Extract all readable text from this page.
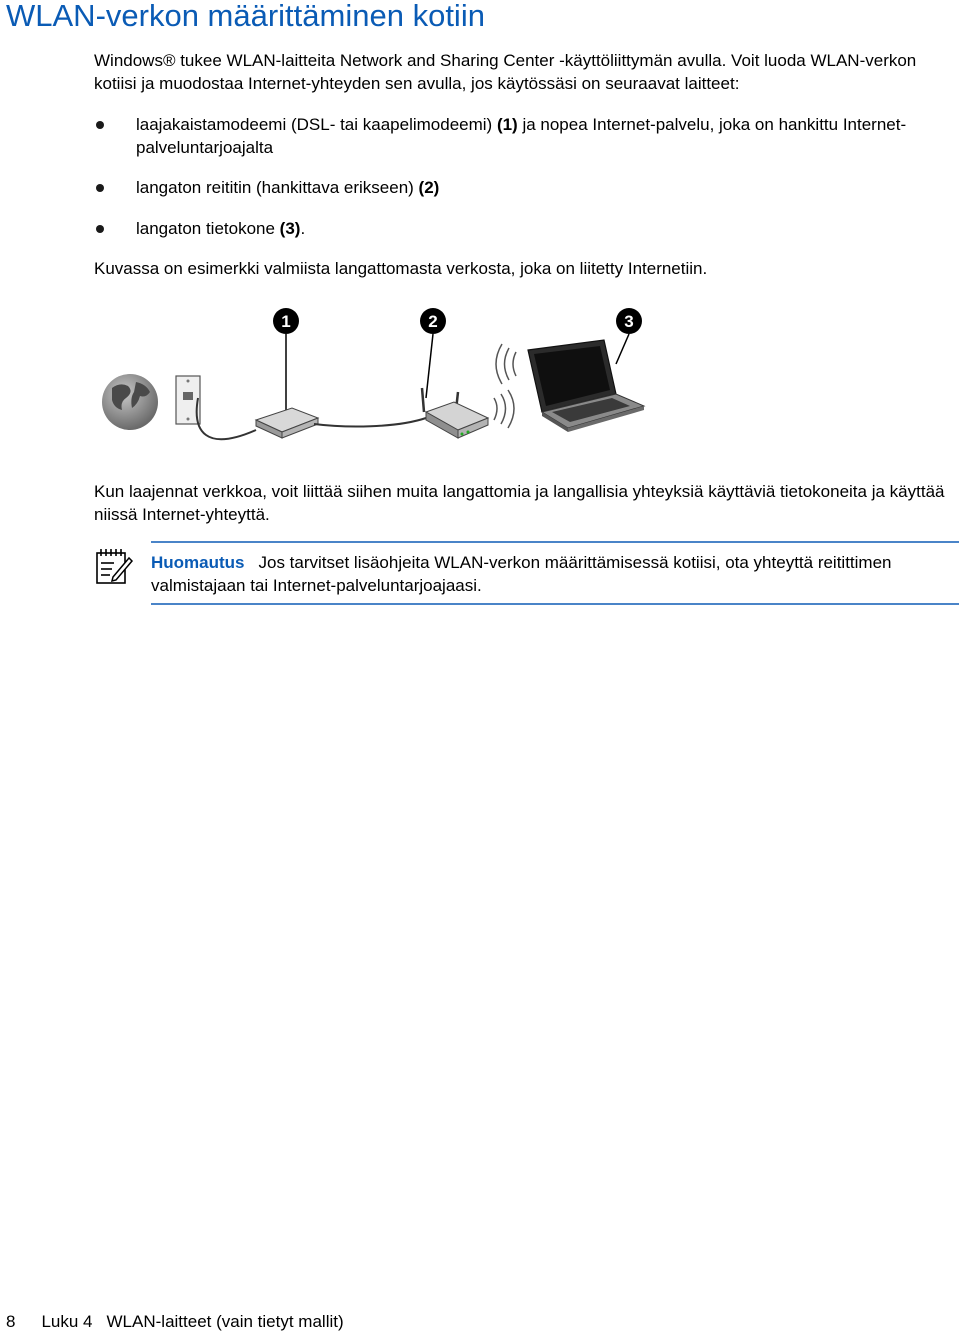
WLAN-verkon määrittäminen kotiin

Windows® tukee WLAN-laitteita Network and Sharing Center -käyttöliittymän avulla. Voit luoda WLAN-verkon kotiisi ja muodostaa Internet-yhteyden sen avulla, jos käytössäsi on seuraavat laitteet:

laajakaistamodeemi (DSL- tai kaapelimodeemi) (1) ja nopea Internet-palvelu, joka on hankittu Internet-palveluntarjoajalta
langaton reititin (hankittava erikseen) (2)
langaton tietokone (3).

Kuvassa on esimerkki valmiista langattomasta verkosta, joka on liitetty Internetiin.

1	2	3

Kun laajennat verkkoa, voit liittää siihen muita langattomia ja langallisia yhteyksiä käyttäviä tietokoneita ja käyttää niissä Internet-yhteyttä.

Huomautus Jos tarvitset lisäohjeita WLAN-verkon määrittämisessä kotiisi, ota yhteyttä reitittimen valmistajaan tai Internet-palveluntarjoajaasi.

8 Luku 4 WLAN-laitteet (vain tietyt mallit)
